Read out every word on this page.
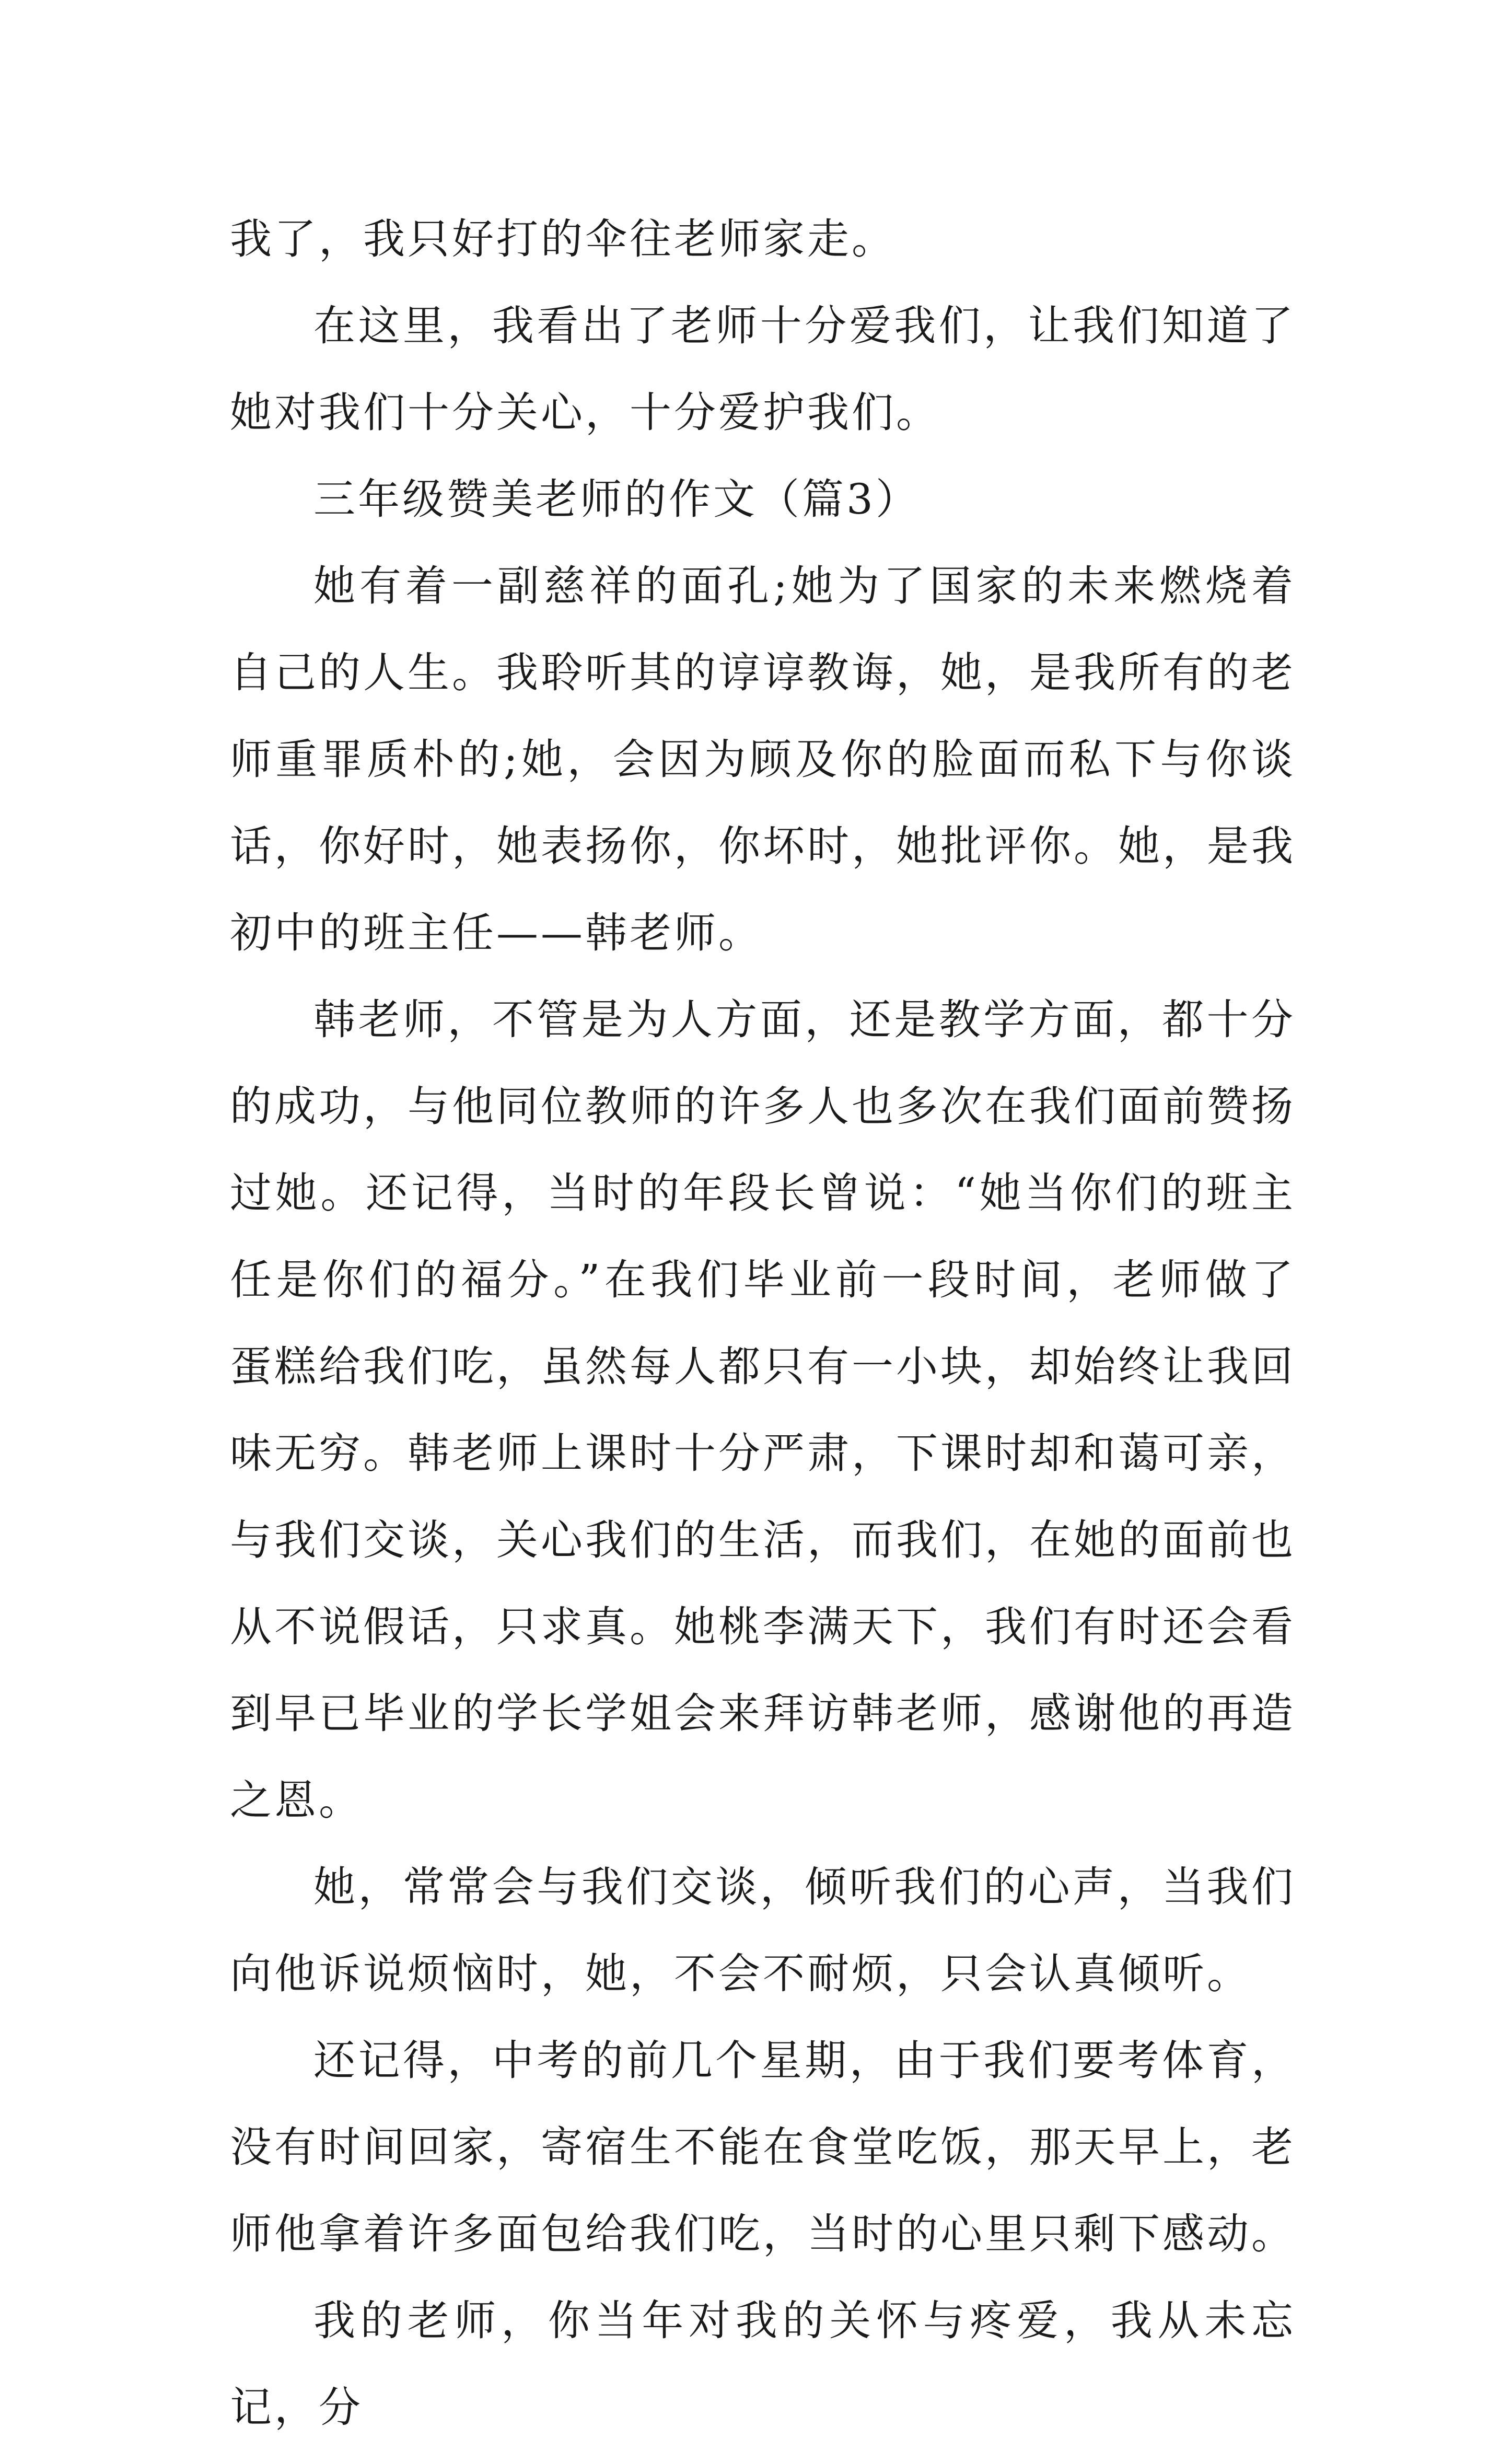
我了，我只好打的伞往老师家走。

在这里，我看出了老师十分爱我们，让我们知道了她对我们十分关心，十分爱护我们。

三年级赞美老师的作文（篇3）

她有着一副慈祥的面孔;她为了国家的未来燃烧着自己的人生。我聆听其的谆谆教诲，她，是我所有的老师重罪质朴的;她，会因为顾及你的脸面而私下与你谈话，你好时，她表扬你，你坏时，她批评你。她，是我初中的班主任——韩老师。

韩老师，不管是为人方面，还是教学方面，都十分的成功，与他同位教师的许多人也多次在我们面前赞扬过她。还记得，当时的年段长曾说：“她当你们的班主任是你们的福分。”在我们毕业前一段时间，老师做了蛋糕给我们吃，虽然每人都只有一小块，却始终让我回味无穷。韩老师上课时十分严肃，下课时却和蔼可亲，与我们交谈，关心我们的生活，而我们，在她的面前也从不说假话，只求真。她桃李满天下，我们有时还会看到早已毕业的学长学姐会来拜访韩老师，感谢他的再造之恩。

她，常常会与我们交谈，倾听我们的心声，当我们向他诉说烦恼时，她，不会不耐烦，只会认真倾听。

还记得，中考的前几个星期，由于我们要考体育，没有时间回家，寄宿生不能在食堂吃饭，那天早上，老师他拿着许多面包给我们吃，当时的心里只剩下感动。

我的老师，你当年对我的关怀与疼爱，我从未忘记，分
